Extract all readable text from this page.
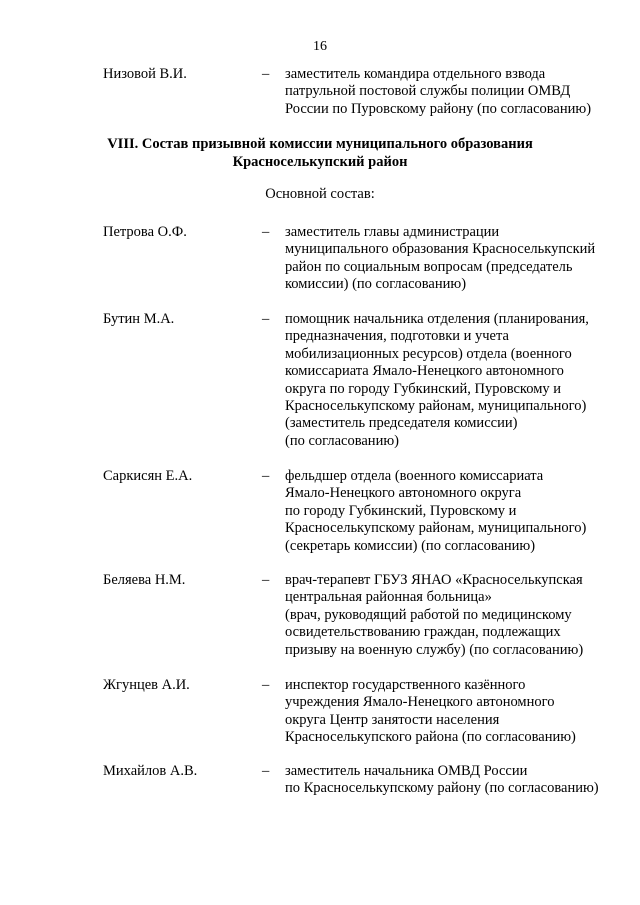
16
Низовой В.И.	– заместитель командира отдельного взвода
патрульной постовой службы полиции ОМВД
России по Пуровскому району (по согласованию)
VIII. Состав призывной комиссии муниципального образования
Красноселькупский район
Основной состав:
Петрова О.Ф.	– заместитель главы администрации
муниципального образования Красноселькупский
район по социальным вопросам (председатель
комиссии) (по согласованию)
Бутин М.А.	– помощник начальника отделения (планирования,
предназначения, подготовки и учета
мобилизационных ресурсов) отдела (военного
комиссариата Ямало-Ненецкого автономного
округа по городу Губкинский, Пуровскому и
Красноселькупскому районам, муниципального)
(заместитель председателя комиссии)
(по согласованию)
Саркисян Е.А.	– фельдшер отдела (военного комиссариата
Ямало-Ненецкого автономного округа
по городу Губкинский, Пуровскому и
Красноселькупскому районам, муниципального)
(секретарь комиссии) (по согласованию)
Беляева Н.М.	– врач-терапевт ГБУЗ ЯНАО «Красноселькупская
центральная районная больница»
(врач, руководящий работой по медицинскому
освидетельствованию граждан, подлежащих
призыву на военную службу) (по согласованию)
Жгунцев А.И.	– инспектор государственного казённого
учреждения Ямало-Ненецкого автономного
округа Центр занятости населения
Красноселькупского района (по согласованию)
Михайлов А.В.	– заместитель начальника ОМВД России
по Красноселькупскому району (по согласованию)
